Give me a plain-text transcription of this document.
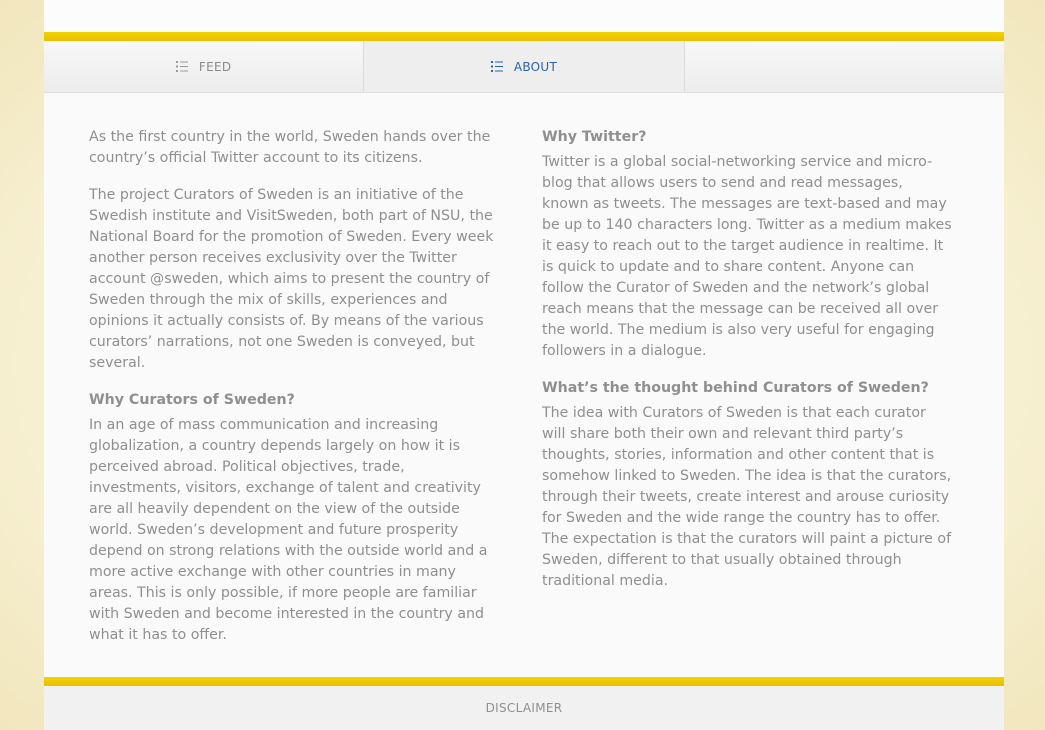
FEED	ABOUT

As the first country in the world, Sweden hands over the country’s official Twitter account to its citizens.

The project Curators of Sweden is an initiative of the Swedish institute and VisitSweden, both part of NSU, the National Board for the promotion of Sweden. Every week another person receives exclusivity over the Twitter account @sweden, which aims to present the country of Sweden through the mix of skills, experiences and opinions it actually consists of. By means of the various curators’ narrations, not one Sweden is conveyed, but several.

Why Curators of Sweden?

In an age of mass communication and increasing globalization, a country depends largely on how it is perceived abroad. Political objectives, trade, investments, visitors, exchange of talent and creativity are all heavily dependent on the view of the outside world. Sweden’s development and future prosperity depend on strong relations with the outside world and a more active exchange with other countries in many areas. This is only possible, if more people are familiar with Sweden and become interested in the country and what it has to offer.

Why Twitter?

Twitter is a global social-networking service and micro-blog that allows users to send and read messages, known as tweets. The messages are text-based and may be up to 140 characters long. Twitter as a medium makes it easy to reach out to the target audience in realtime. It is quick to update and to share content. Anyone can follow the Curator of Sweden and the network’s global reach means that the message can be received all over the world. The medium is also very useful for engaging followers in a dialogue.

What’s the thought behind Curators of Sweden?

The idea with Curators of Sweden is that each curator will share both their own and relevant third party’s thoughts, stories, information and other content that is somehow linked to Sweden. The idea is that the curators, through their tweets, create interest and arouse curiosity for Sweden and the wide range the country has to offer. The expectation is that the curators will paint a picture of Sweden, different to that usually obtained through traditional media.

DISCLAIMER
